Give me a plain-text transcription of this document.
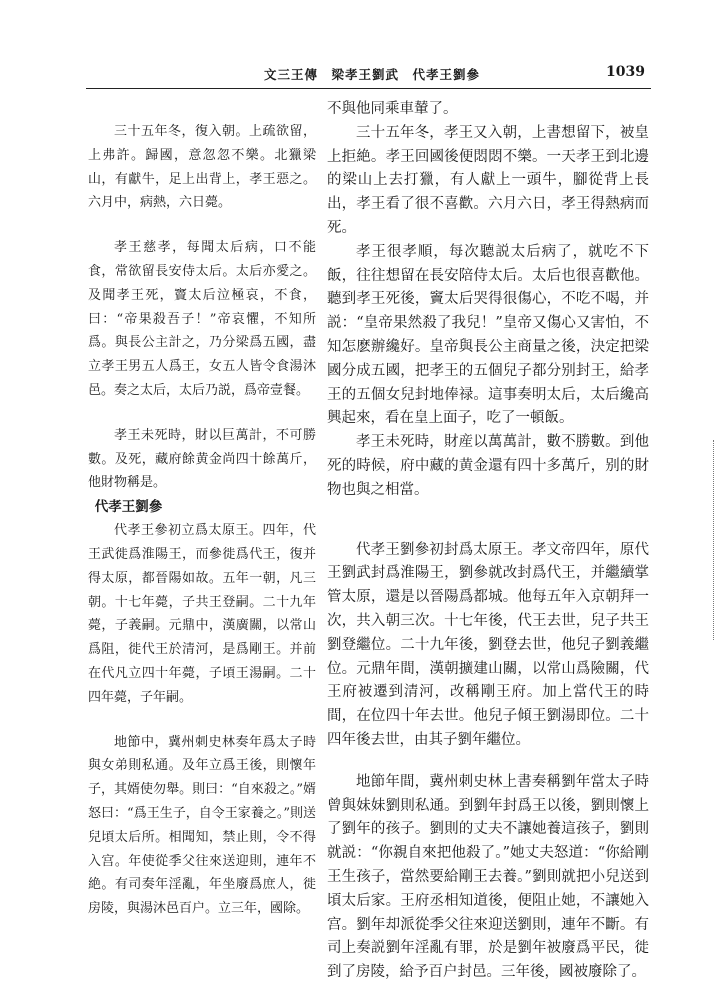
文三王傳　梁孝王劉武　代孝王劉參	1039

三十五年冬，復入朝。上疏欲留，上弗許。歸國，意忽忽不樂。北獵梁山，有獻牛，足上出背上，孝王惡之。六月中，病熱，六日薨。

孝王慈孝，每聞太后病，口不能食，常欲留長安侍太后。太后亦愛之。及聞孝王死，竇太后泣極哀，不食，曰：“帝果殺吾子！”帝哀懼，不知所爲。與長公主計之，乃分梁爲五國，盡立孝王男五人爲王，女五人皆令食湯沐邑。奏之太后，太后乃説，爲帝壹餐。

孝王未死時，財以巨萬計，不可勝數。及死，藏府餘黄金尚四十餘萬斤，他財物稱是。

代孝王劉參

代孝王參初立爲太原王。四年，代王武徙爲淮陽王，而參徙爲代王，復并得太原，都晉陽如故。五年一朝，凡三朝。十七年薨，子共王登嗣。二十九年薨，子義嗣。元鼎中，漢廣關，以常山爲阻，徙代王於清河，是爲剛王。并前在代凡立四十年薨，子頃王湯嗣。二十四年薨，子年嗣。

地節中，冀州刺史林奏年爲太子時與女弟則私通。及年立爲王後，則懷年子，其婿使勿舉。則曰：“自來殺之。”婿怒曰：“爲王生子，自令王家養之。”則送兒頃太后所。相聞知，禁止則，令不得入宫。年使從季父往來送迎則，連年不絶。有司奏年淫亂，年坐廢爲庶人，徙房陵，與湯沐邑百户。立三年，國除。

不與他同乘車輦了。

三十五年冬，孝王又入朝，上書想留下，被皇上拒絶。孝王回國後便悶悶不樂。一天孝王到北邊的梁山上去打獵，有人獻上一頭牛，腳從背上長出，孝王看了很不喜歡。六月六日，孝王得熱病而死。

孝王很孝順，每次聽説太后病了，就吃不下飯，往往想留在長安陪侍太后。太后也很喜歡他。聽到孝王死後，竇太后哭得很傷心，不吃不喝，并説：“皇帝果然殺了我兒！”皇帝又傷心又害怕，不知怎麽辦纔好。皇帝與長公主商量之後，決定把梁國分成五國，把孝王的五個兒子都分别封王，給孝王的五個女兒封地俸禄。這事奏明太后，太后纔高興起來，看在皇上面子，吃了一頓飯。

孝王未死時，財産以萬萬計，數不勝數。到他死的時候，府中藏的黄金還有四十多萬斤，别的財物也與之相當。

代孝王劉參初封爲太原王。孝文帝四年，原代王劉武封爲淮陽王，劉參就改封爲代王，并繼續掌管太原，還是以晉陽爲都城。他每五年入京朝拜一次，共入朝三次。十七年後，代王去世，兒子共王劉登繼位。二十九年後，劉登去世，他兒子劉義繼位。元鼎年間，漢朝擴建山關，以常山爲險關，代王府被遷到清河，改稱剛王府。加上當代王的時間，在位四十年去世。他兒子傾王劉湯即位。二十四年後去世，由其子劉年繼位。

地節年間，冀州刺史林上書奏稱劉年當太子時曾與妹妹劉則私通。到劉年封爲王以後，劉則懷上了劉年的孩子。劉則的丈夫不讓她養這孩子，劉則就説：“你親自來把他殺了。”她丈夫怒道：“你給剛王生孩子，當然要給剛王去養。”劉則就把小兒送到頃太后家。王府丞相知道後，便阻止她，不讓她入宫。劉年却派從季父往來迎送劉則，連年不斷。有司上奏説劉年淫亂有罪，於是劉年被廢爲平民，徙到了房陵，給予百户封邑。三年後，國被廢除了。
